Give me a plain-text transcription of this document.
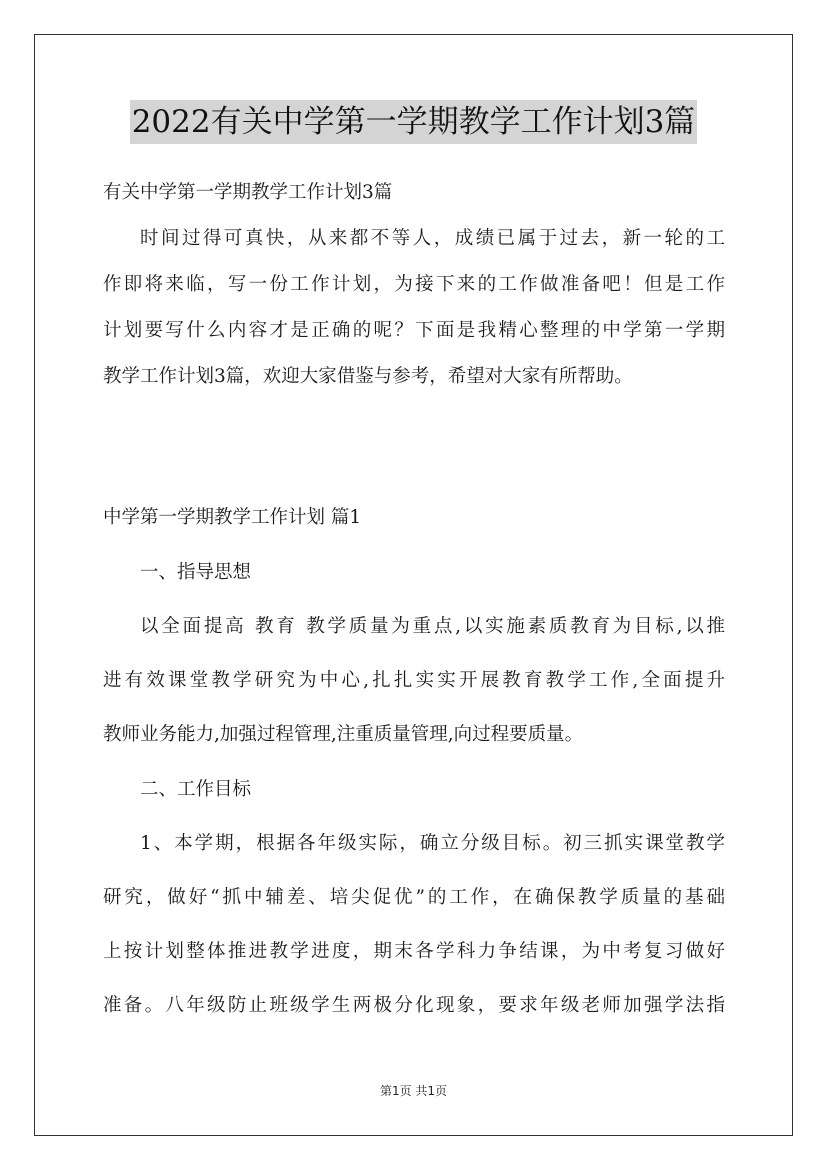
2022有关中学第一学期教学工作计划3篇
有关中学第一学期教学工作计划3篇
时间过得可真快，从来都不等人，成绩已属于过去，新一轮的工
作即将来临，写一份工作计划，为接下来的工作做准备吧！但是工作
计划要写什么内容才是正确的呢？下面是我精心整理的中学第一学期
教学工作计划3篇，欢迎大家借鉴与参考，希望对大家有所帮助。
中学第一学期教学工作计划 篇1
一、指导思想
以全面提高 教育 教学质量为重点,以实施素质教育为目标,以推
进有效课堂教学研究为中心,扎扎实实开展教育教学工作,全面提升
教师业务能力,加强过程管理,注重质量管理,向过程要质量。
二、工作目标
1、本学期，根据各年级实际，确立分级目标。初三抓实课堂教学
研究，做好“抓中辅差、培尖促优”的工作，在确保教学质量的基础
上按计划整体推进教学进度，期末各学科力争结课，为中考复习做好
准备。八年级防止班级学生两极分化现象，要求年级老师加强学法指
第1页 共1页
